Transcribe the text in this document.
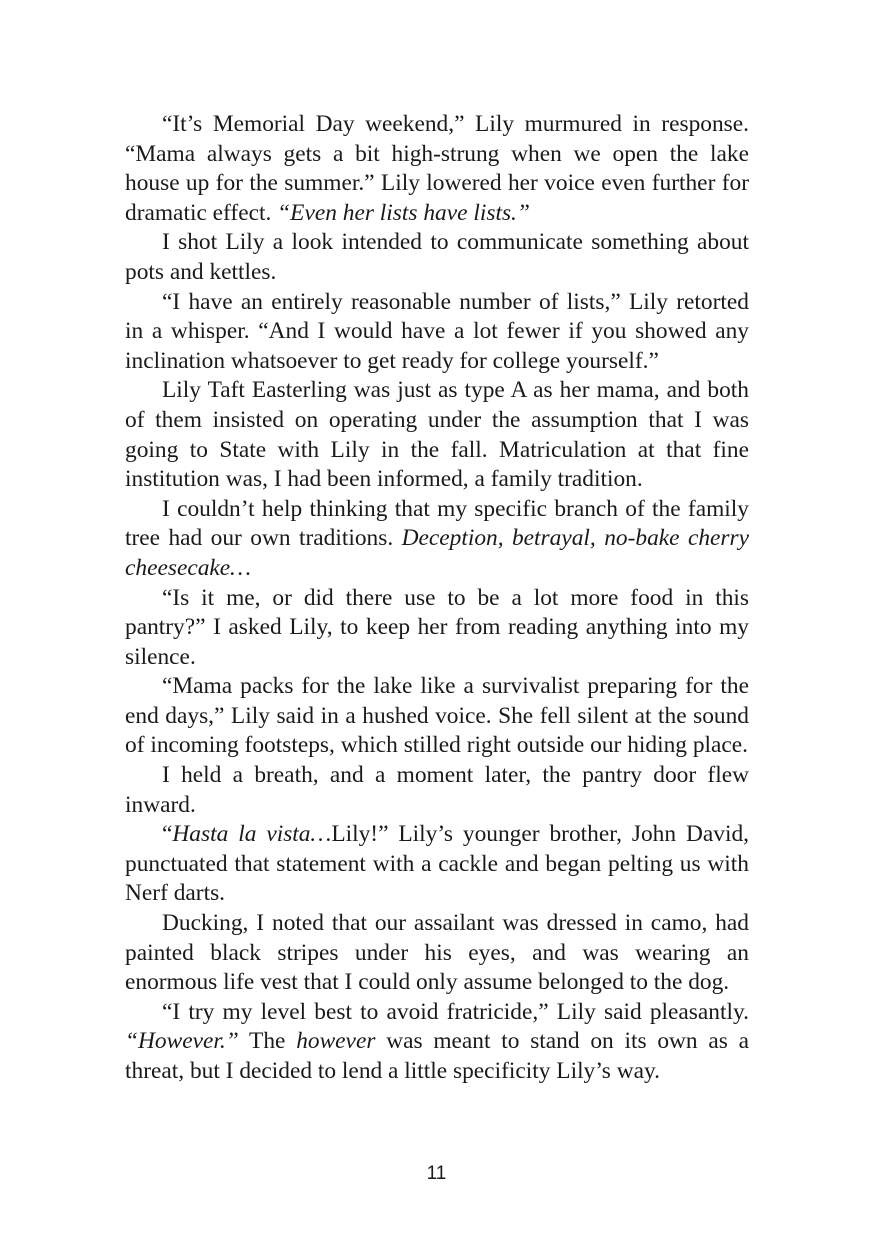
“It’s Memorial Day weekend,” Lily murmured in response. “Mama always gets a bit high-strung when we open the lake house up for the summer.” Lily lowered her voice even further for dramatic effect. “Even her lists have lists.”

I shot Lily a look intended to communicate something about pots and kettles.

“I have an entirely reasonable number of lists,” Lily retorted in a whisper. “And I would have a lot fewer if you showed any inclination whatsoever to get ready for college yourself.”

Lily Taft Easterling was just as type A as her mama, and both of them insisted on operating under the assumption that I was going to State with Lily in the fall. Matriculation at that fine institution was, I had been informed, a family tradition.

I couldn’t help thinking that my specific branch of the family tree had our own traditions. Deception, betrayal, no-bake cherry cheesecake…

“Is it me, or did there use to be a lot more food in this pantry?” I asked Lily, to keep her from reading anything into my silence.

“Mama packs for the lake like a survivalist preparing for the end days,” Lily said in a hushed voice. She fell silent at the sound of incoming footsteps, which stilled right outside our hiding place.

I held a breath, and a moment later, the pantry door flew inward.

“Hasta la vista…Lily!” Lily’s younger brother, John David, punctuated that statement with a cackle and began pelting us with Nerf darts.

Ducking, I noted that our assailant was dressed in camo, had painted black stripes under his eyes, and was wearing an enormous life vest that I could only assume belonged to the dog.

“I try my level best to avoid fratricide,” Lily said pleasantly. “However.” The however was meant to stand on its own as a threat, but I decided to lend a little specificity Lily’s way.

11
